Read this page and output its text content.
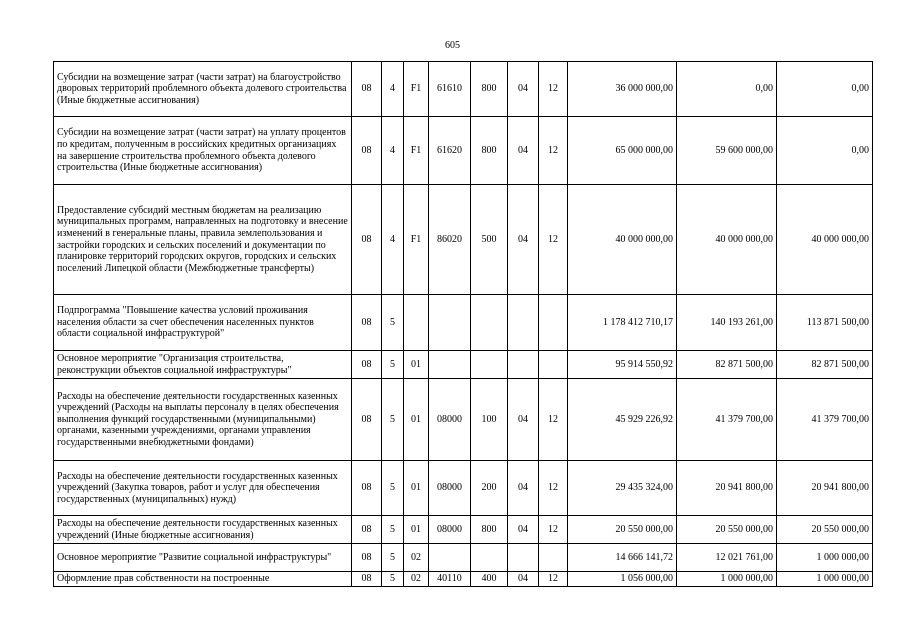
605
Субсидии на возмещение затрат (части затрат) на благоустройство дворовых территорий проблемного объекта долевого строительства (Иные бюджетные ассигнования)	08	4	F1	61610	800	04	12	36 000 000,00	0,00	0,00
Субсидии на возмещение затрат (части затрат) на уплату процентов по кредитам, полученным в российских кредитных организациях на завершение строительства проблемного объекта долевого строительства (Иные бюджетные ассигнования)	08	4	F1	61620	800	04	12	65 000 000,00	59 600 000,00	0,00
Предоставление субсидий местным бюджетам на реализацию муниципальных программ, направленных на подготовку и внесение изменений в генеральные планы, правила землепользования и застройки городских и сельских поселений и документации по планировке территорий городских округов, городских и сельских поселений Липецкой области (Межбюджетные трансферты)	08	4	F1	86020	500	04	12	40 000 000,00	40 000 000,00	40 000 000,00
Подпрограмма "Повышение качества условий проживания населения области за счет обеспечения населенных пунктов области социальной инфраструктурой"	08	5						1 178 412 710,17	140 193 261,00	113 871 500,00
Основное мероприятие "Организация строительства, реконструкции объектов социальной инфраструктуры"	08	5	01					95 914 550,92	82 871 500,00	82 871 500,00
Расходы на обеспечение деятельности государственных казенных учреждений (Расходы на выплаты персоналу в целях обеспечения выполнения функций государственными (муниципальными) органами, казенными учреждениями, органами управления государственными внебюджетными фондами)	08	5	01	08000	100	04	12	45 929 226,92	41 379 700,00	41 379 700,00
Расходы на обеспечение деятельности государственных казенных учреждений (Закупка товаров, работ и услуг для обеспечения государственных (муниципальных) нужд)	08	5	01	08000	200	04	12	29 435 324,00	20 941 800,00	20 941 800,00
Расходы на обеспечение деятельности государственных казенных учреждений (Иные бюджетные ассигнования)	08	5	01	08000	800	04	12	20 550 000,00	20 550 000,00	20 550 000,00
Основное мероприятие "Развитие социальной инфраструктуры"	08	5	02					14 666 141,72	12 021 761,00	1 000 000,00
Оформление прав собственности на построенные	08	5	02	40110	400	04	12	1 056 000,00	1 000 000,00	1 000 000,00
